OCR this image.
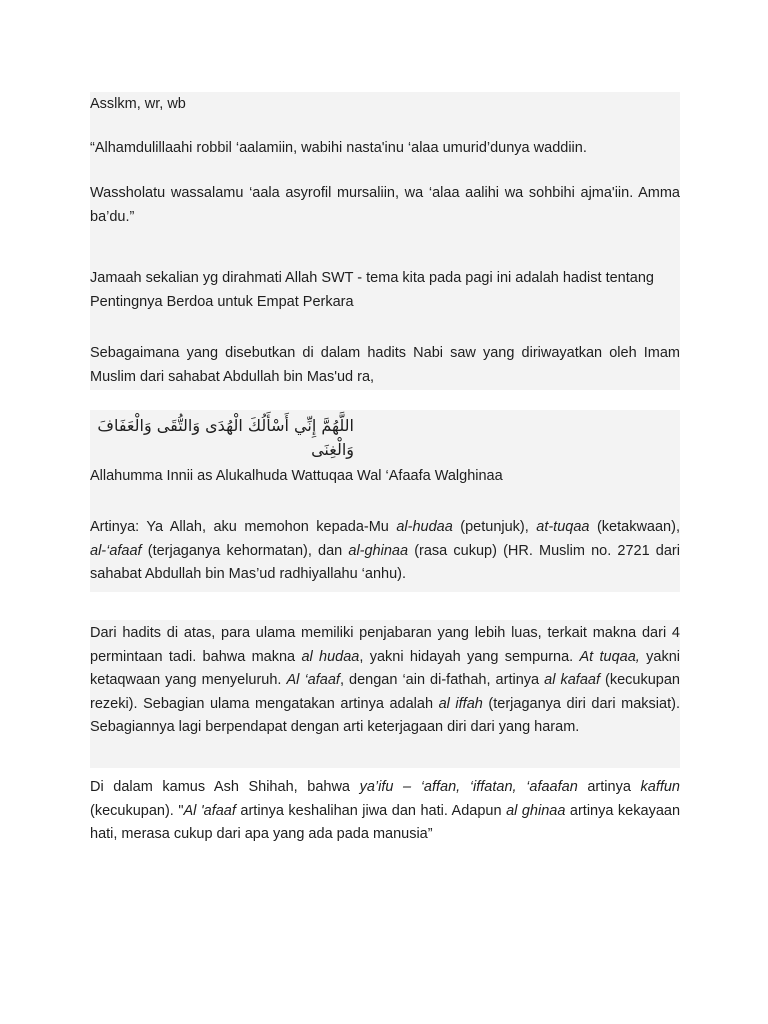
Asslkm, wr, wb

“Alhamdulillaahi robbil ‘aalamiin, wabihi nasta'inu ‘alaa umurid’dunya waddiin.

Wassholatu wassalamu ‘aala asyrofil mursaliin, wa ‘alaa aalihi wa sohbihi ajma'iin. Amma ba’du.”

Jamaah sekalian yg dirahmati Allah SWT - tema kita pada pagi ini adalah hadist tentang Pentingnya Berdoa untuk Empat Perkara

Sebagaimana yang disebutkan di dalam hadits Nabi saw yang diriwayatkan oleh Imam Muslim dari sahabat Abdullah bin Mas'ud ra,

اللَّهُمَّ إِنِّي أَسْأَلُكَ الْهُدَى وَالتُّقَى وَالْعَفَافَ وَالْغِنَى

Allahumma Innii as Alukalhuda Wattuqaa Wal ‘Afaafa Walghinaa

Artinya: Ya Allah, aku memohon kepada-Mu al-hudaa (petunjuk), at-tuqaa (ketakwaan), al-‘afaaf (terjaganya kehormatan), dan al-ghinaa (rasa cukup) (HR. Muslim no. 2721 dari sahabat Abdullah bin Mas’ud radhiyallahu ‘anhu).

Dari hadits di atas, para ulama memiliki penjabaran yang lebih luas, terkait makna dari 4 permintaan tadi. bahwa makna al hudaa, yakni hidayah yang sempurna. At tuqaa, yakni ketaqwaan yang menyeluruh. Al ‘afaaf, dengan ‘ain di-fathah, artinya al kafaaf (kecukupan rezeki). Sebagian ulama mengatakan artinya adalah al iffah (terjaganya diri dari maksiat). Sebagiannya lagi berpendapat dengan arti keterjagaan diri dari yang haram.

Di dalam kamus Ash Shihah, bahwa ya’ifu – ‘affan, ‘iffatan, ‘afaafan artinya kaffun (kecukupan). "Al 'afaaf artinya keshalihan jiwa dan hati. Adapun al ghinaa artinya kekayaan hati, merasa cukup dari apa yang ada pada manusia”
